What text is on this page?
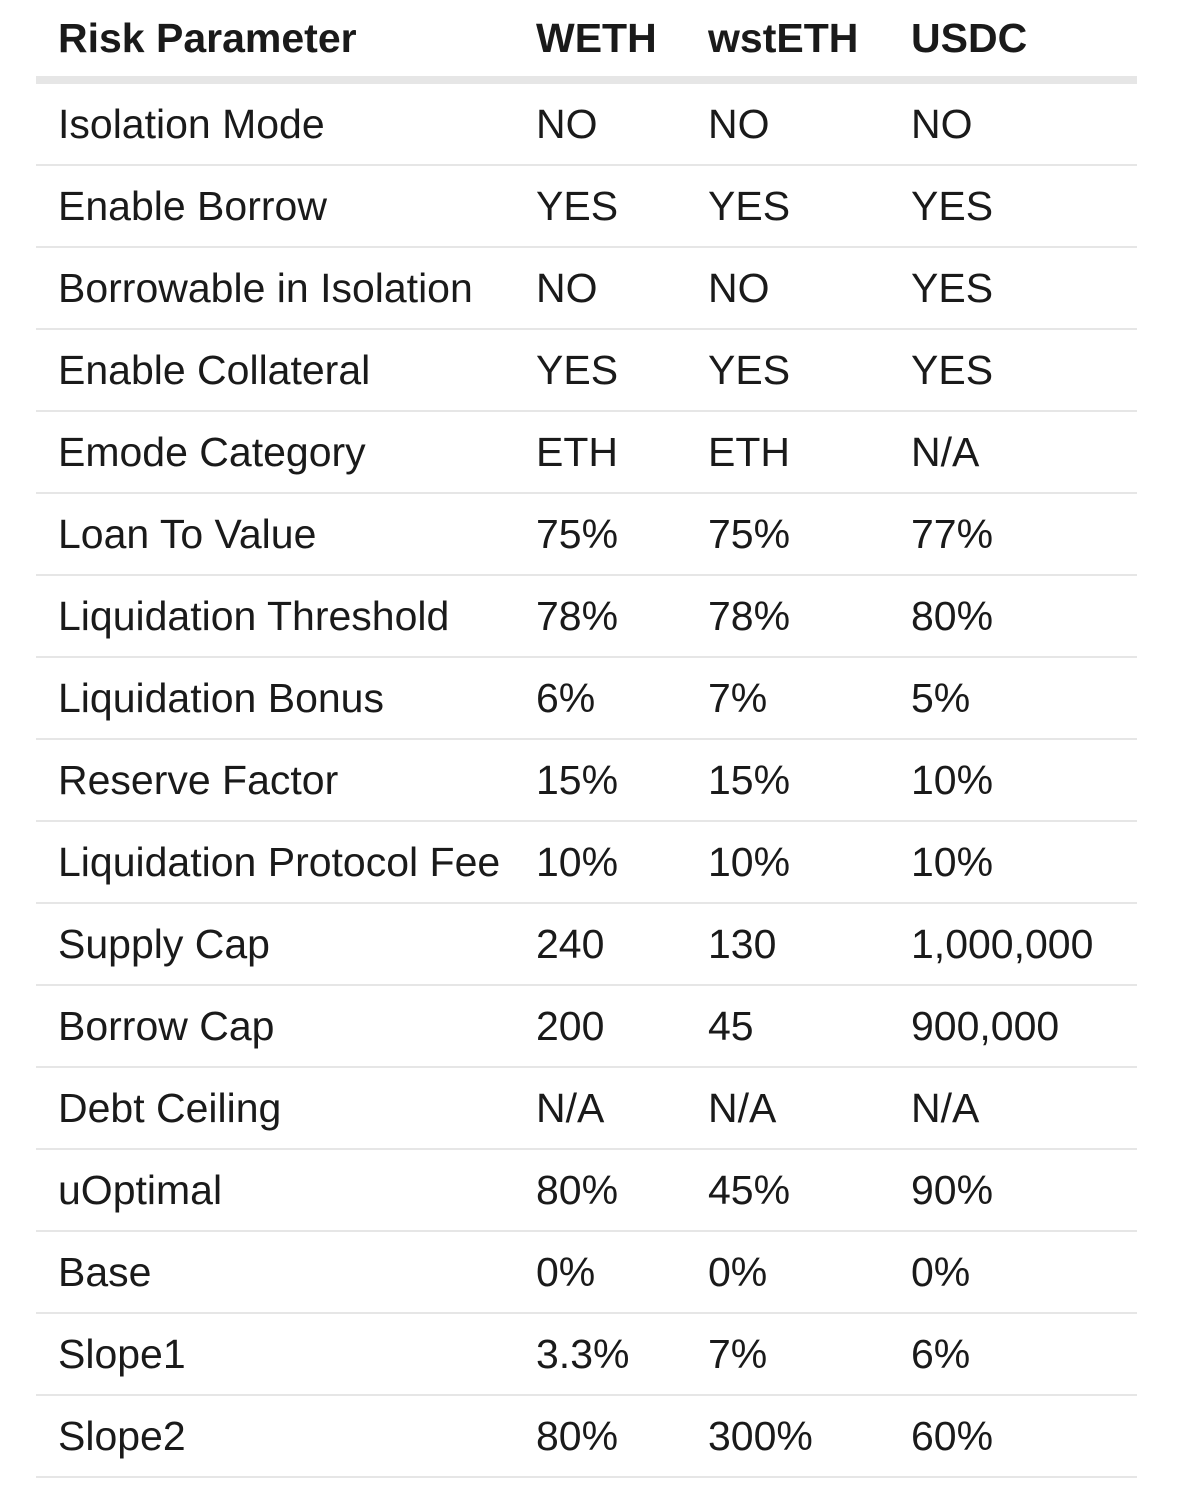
Risk Parameter	WETH	wstETH	USDC
Isolation Mode	NO	NO	NO
Enable Borrow	YES	YES	YES
Borrowable in Isolation	NO	NO	YES
Enable Collateral	YES	YES	YES
Emode Category	ETH	ETH	N/A
Loan To Value	75%	75%	77%
Liquidation Threshold	78%	78%	80%
Liquidation Bonus	6%	7%	5%
Reserve Factor	15%	15%	10%
Liquidation Protocol Fee	10%	10%	10%
Supply Cap	240	130	1,000,000
Borrow Cap	200	45	900,000
Debt Ceiling	N/A	N/A	N/A
uOptimal	80%	45%	90%
Base	0%	0%	0%
Slope1	3.3%	7%	6%
Slope2	80%	300%	60%
